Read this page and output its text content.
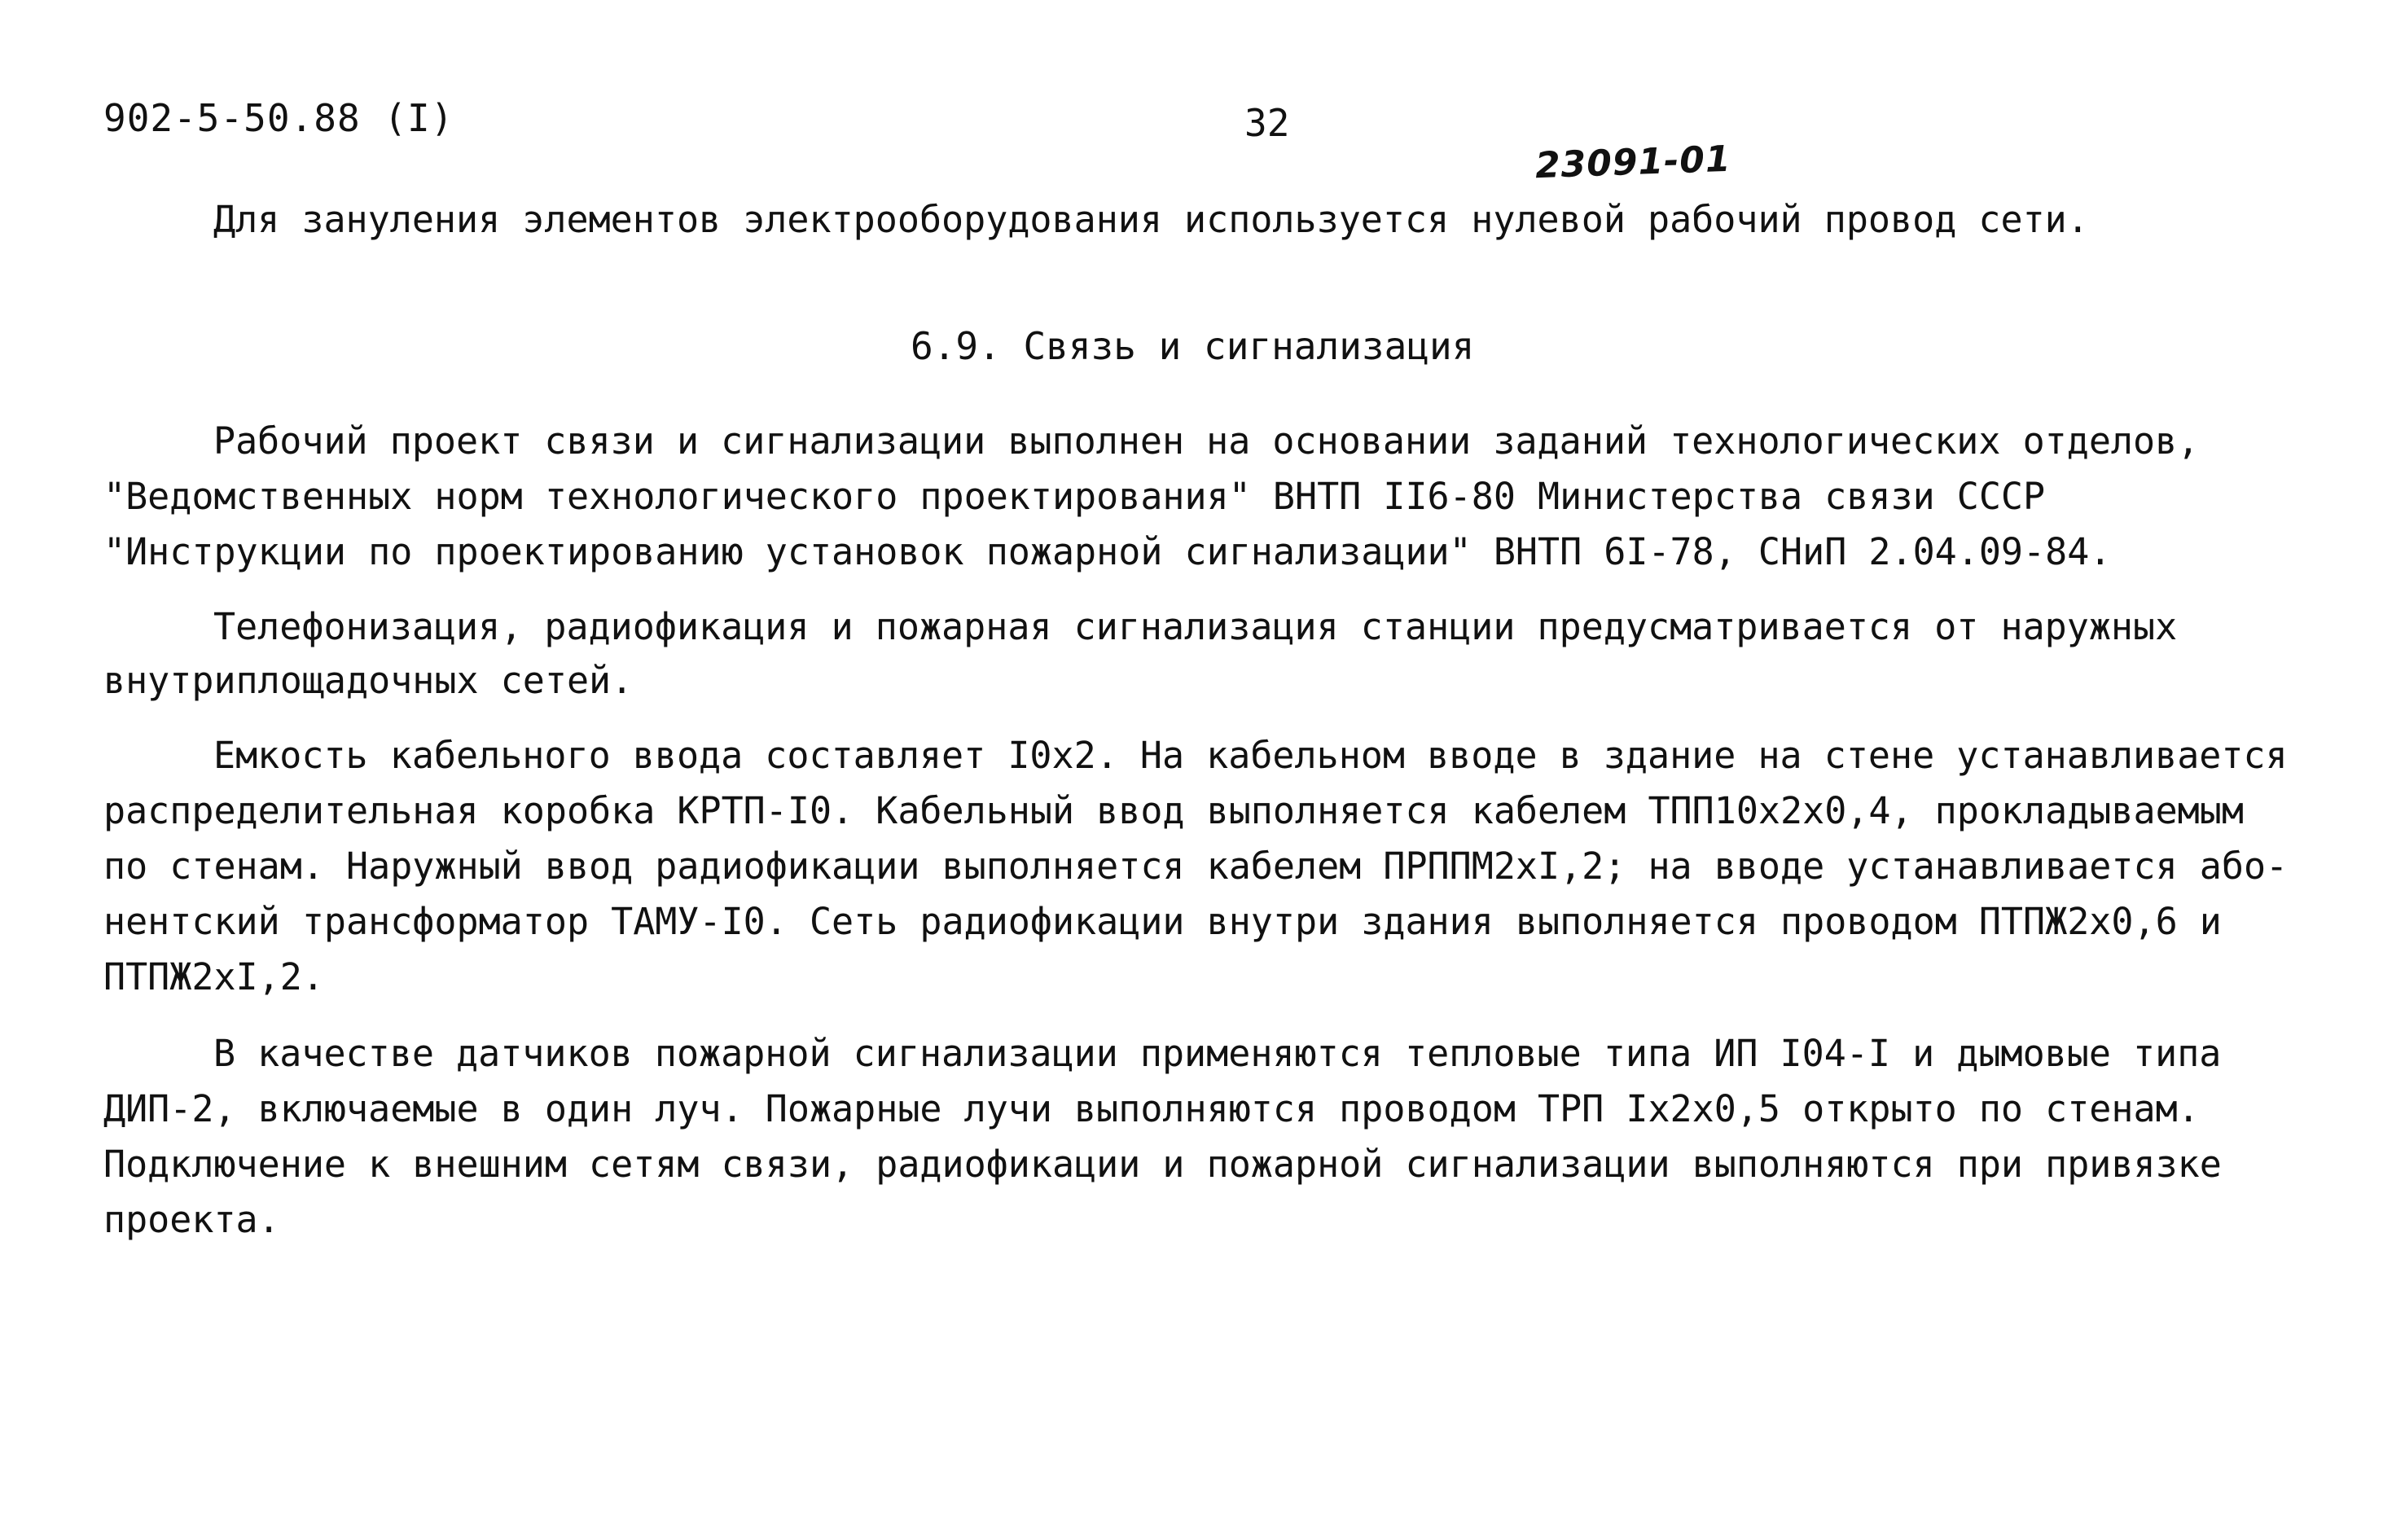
902-5-50.88 (I)	32
23091-01
Для зануления элементов электрооборудования используется нулевой рабочий провод сети.
6.9. Связь и сигнализация
Рабочий проект связи и сигнализации выполнен на основании заданий технологических отделов,
"Ведомственных норм технологического проектирования" ВНТП II6-80 Министерства связи СССР
"Инструкции по проектированию установок пожарной сигнализации" ВНТП 6I-78, СНиП 2.04.09-84.
Телефонизация, радиофикация и пожарная сигнализация станции предусматривается от наружных
внутриплощадочных сетей.
Емкость кабельного ввода составляет I0x2. На кабельном вводе в здание на стене устанавливается
распределительная коробка КРТП-I0. Кабельный ввод выполняется кабелем ТПП10x2x0,4, прокладываемым
по стенам. Наружный ввод радиофикации выполняется кабелем ПРППМ2xI,2; на вводе устанавливается або-
нентский трансформатор ТАМУ-I0. Сеть радиофикации внутри здания выполняется проводом ПТПЖ2x0,6 и
ПТПЖ2xI,2.
В качестве датчиков пожарной сигнализации применяются тепловые типа ИП I04-I и дымовые типа
ДИП-2, включаемые в один луч. Пожарные лучи выполняются проводом ТРП Ix2x0,5 открыто по стенам.
Подключение к внешним сетям связи, радиофикации и пожарной сигнализации выполняются при привязке
проекта.
